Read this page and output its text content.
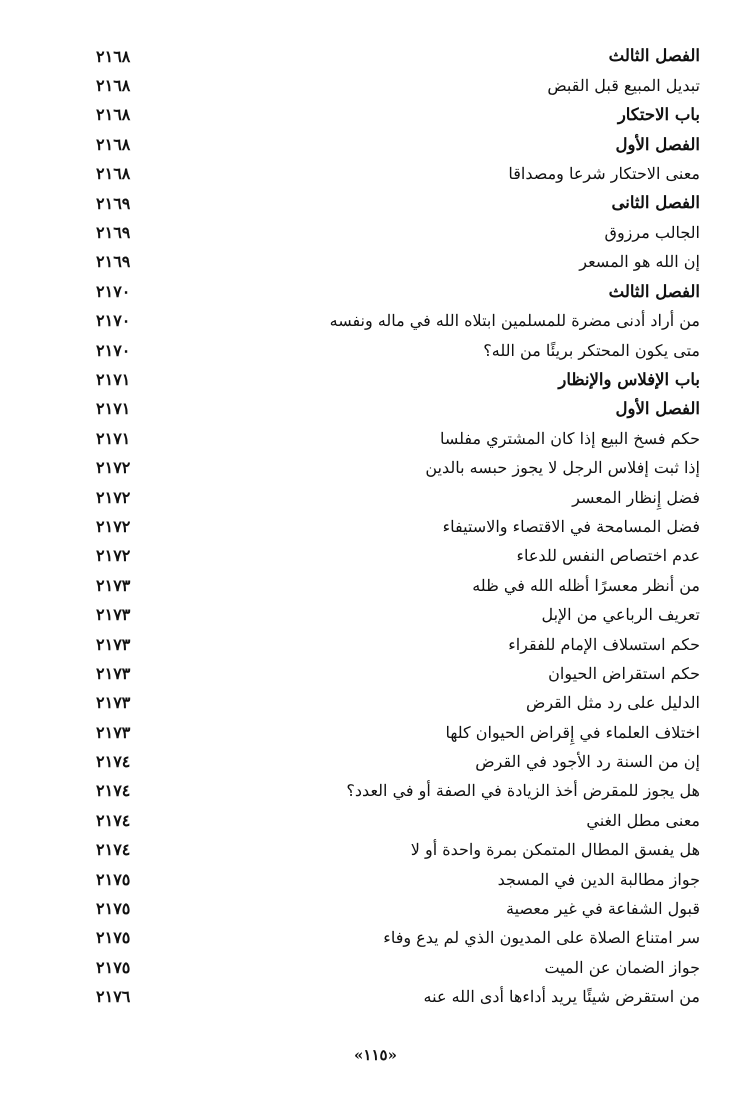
الفصل الثالث
٢١٦٨
تبديل المبيع قبل القبض
٢١٦٨
باب الاحتكار
٢١٦٨
الفصل الأول
٢١٦٨
معنى الاحتكار شرعا ومصداقا
٢١٦٨
الفصل الثانى
٢١٦٩
الجالب مرزوق
٢١٦٩
إن الله هو المسعر
٢١٦٩
الفصل الثالث
٢١٧٠
من أراد أدنى مضرة للمسلمين ابتلاه الله في ماله ونفسه
٢١٧٠
متى يكون المحتكر بريئًا من الله؟
٢١٧٠
باب الإفلاس والإنظار
٢١٧١
الفصل الأول
٢١٧١
حكم فسخ البيع إذا كان المشتري مفلسا
٢١٧١
إذا ثبت إفلاس الرجل لا يجوز حبسه بالدين
٢١٧٢
فضل إِنظار المعسر
٢١٧٢
فضل المسامحة في الاقتصاء والاستيفاء
٢١٧٢
عدم اختصاص النفس للدعاء
٢١٧٢
من أنظر معسرًا أظله الله في ظله
٢١٧٣
تعريف الرباعي من الإبل
٢١٧٣
حكم استسلاف الإمام للفقراء
٢١٧٣
حكم استقراض الحيوان
٢١٧٣
الدليل على رد مثل القرض
٢١٧٣
اختلاف العلماء في إِقراض الحيوان كلها
٢١٧٣
إن من السنة رد الأجود في القرض
٢١٧٤
هل يجوز للمقرض أخذ الزيادة في الصفة أو في العدد؟
٢١٧٤
معنى مطل الغني
٢١٧٤
هل يفسق المطال المتمكن بمرة واحدة أو لا
٢١٧٤
جواز مطالبة الدين في المسجد
٢١٧٥
قبول الشفاعة في غير معصية
٢١٧٥
سر امتناع الصلاة على المديون الذي لم يدع وفاء
٢١٧٥
جواز الضمان عن الميت
٢١٧٥
من استقرض شيئًا يريد أداءها أدى الله عنه
٢١٧٦
«١١٥»
